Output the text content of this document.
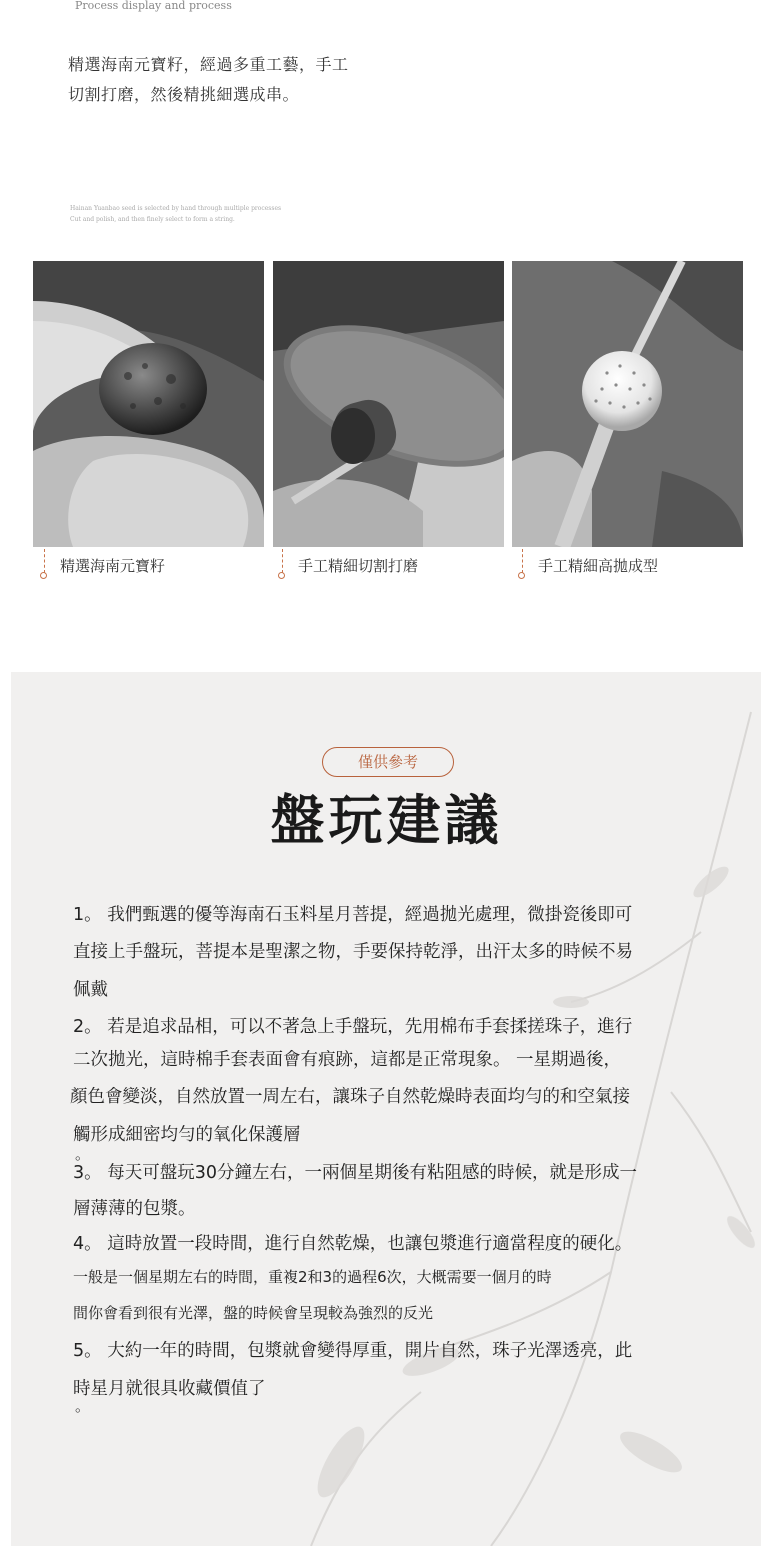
Process display and process
精選海南元寶籽，經過多重工藝，手工
切割打磨，然後精挑細選成串。
Hainan Yuanbao seed is selected by hand through multiple processes
Cut and polish, and then finely select to form a string.
精選海南元寶籽	手工精細切割打磨	手工精細高拋成型
僅供參考
盤玩建議
1。 我們甄選的優等海南石玉料星月菩提，經過拋光處理，微掛瓷後即可
直接上手盤玩，菩提本是聖潔之物，手要保持乾淨，出汗太多的時候不易
佩戴
2。 若是追求品相，可以不著急上手盤玩，先用棉布手套揉搓珠子，進行
二次拋光，這時棉手套表面會有痕跡，這都是正常現象。 一星期過後，
顏色會變淡，自然放置一周左右，讓珠子自然乾燥時表面均勻的和空氣接
觸形成細密均勻的氧化保護層
。
3。 每天可盤玩30分鐘左右，一兩個星期後有粘阻感的時候，就是形成一
層薄薄的包漿。
4。 這時放置一段時間，進行自然乾燥，也讓包漿進行適當程度的硬化。
一般是一個星期左右的時間，重複2和3的過程6次，大概需要一個月的時
間你會看到很有光澤，盤的時候會呈現較為強烈的反光
5。 大約一年的時間，包漿就會變得厚重，開片自然，珠子光澤透亮，此
時星月就很具收藏價值了
。
